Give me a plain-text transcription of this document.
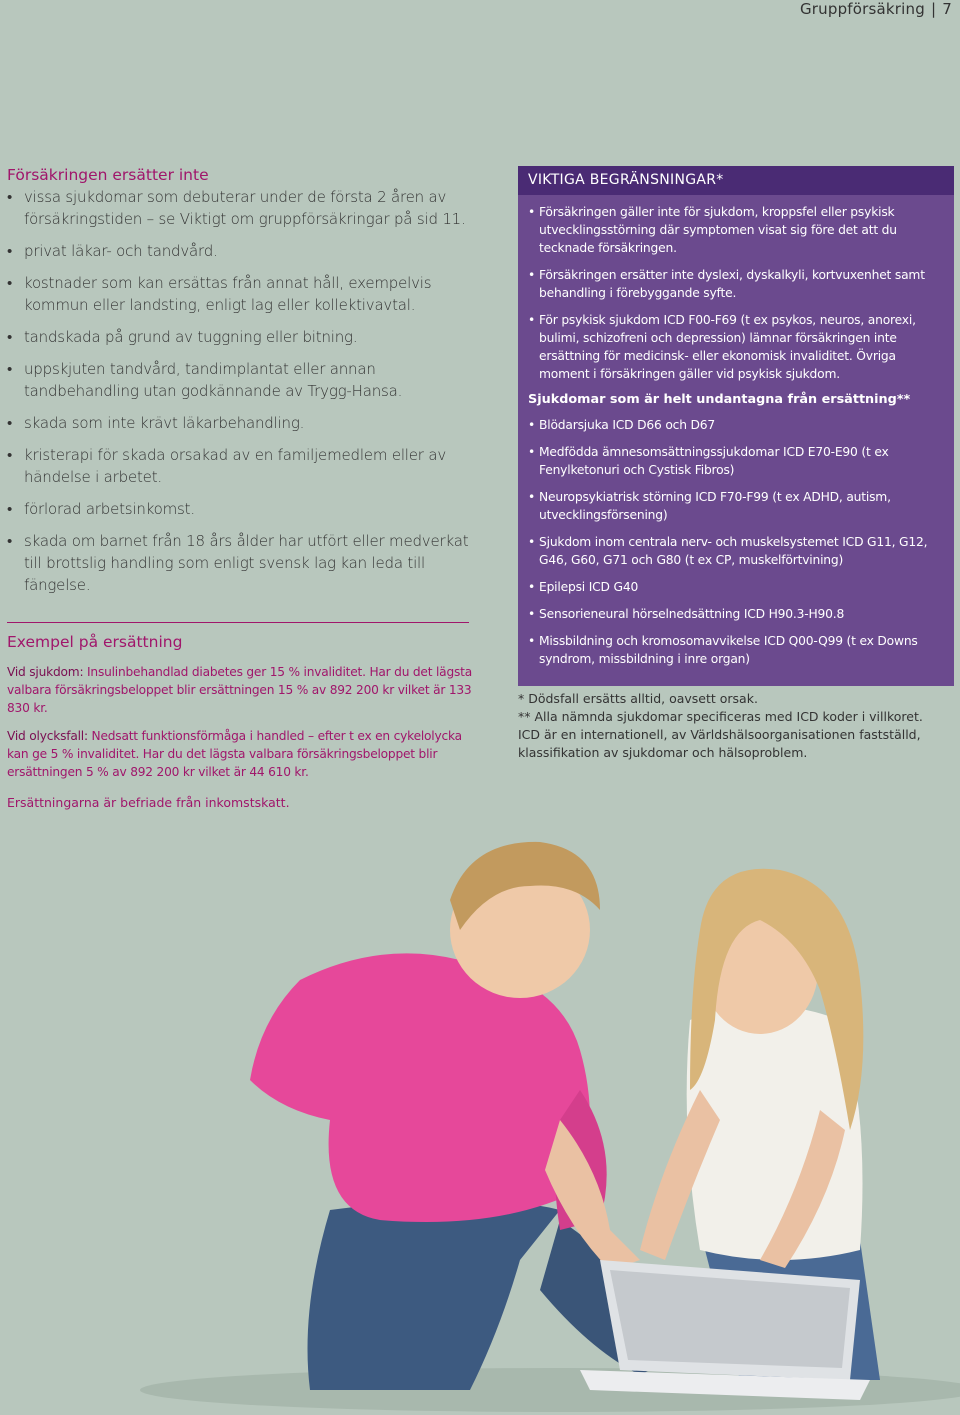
Gruppförsäkring | 7
Försäkringen ersätter inte
• vissa sjukdomar som debuterar under de första 2 åren av försäkringstiden – se Viktigt om gruppförsäkringar på sid 11.
• privat läkar- och tandvård.
• kostnader som kan ersättas från annat håll, exempelvis kommun eller landsting, enligt lag eller kollektivavtal.
• tandskada på grund av tuggning eller bitning.
• uppskjuten tandvård, tandimplantat eller annan tandbehandling utan godkännande av Trygg-Hansa.
• skada som inte krävt läkarbehandling.
• kristerapi för skada orsakad av en familjemedlem eller av händelse i arbetet.
• förlorad arbetsinkomst.
• skada om barnet från 18 års ålder har utfört eller medverkat till brottslig handling som enligt svensk lag kan leda till fängelse.
Exempel på ersättning

Vid sjukdom: Insulinbehandlad diabetes ger 15 % invaliditet. Har du det lägsta valbara försäkringsbeloppet blir ersättningen 15 % av 892 200 kr vilket är 133 830 kr.

Vid olycksfall: Nedsatt funktionsförmåga i handled – efter t ex en cykelolycka kan ge 5 % invaliditet. Har du det lägsta valbara försäkringsbeloppet blir ersättningen 5 % av 892 200 kr vilket är 44 610 kr.

Ersättningarna är befriade från inkomstskatt.

VIKTIGA BEGRÄNSNINGAR*
• Försäkringen gäller inte för sjukdom, kroppsfel eller psykisk utvecklingsstörning där symptomen visat sig före det att du tecknade försäkringen.
• Försäkringen ersätter inte dyslexi, dyskalkyli, kortvuxenhet samt behandling i förebyggande syfte.
• För psykisk sjukdom ICD F00-F69 (t ex psykos, neuros, anorexi, bulimi, schizofreni och depression) lämnar försäkringen inte ersättning för medicinsk- eller ekonomisk invaliditet. Övriga moment i försäkringen gäller vid psykisk sjukdom.
Sjukdomar som är helt undantagna från ersättning**
• Blödarsjuka ICD D66 och D67
• Medfödda ämnesomsättningssjukdomar ICD E70-E90 (t ex Fenylketonuri och Cystisk Fibros)
• Neuropsykiatrisk störning ICD F70-F99 (t ex ADHD, autism, utvecklingsförsening)
• Sjukdom inom centrala nerv- och muskelsystemet ICD G11, G12, G46, G60, G71 och G80 (t ex CP, muskelförtvining)
• Epilepsi ICD G40
• Sensorieneural hörselnedsättning ICD H90.3-H90.8
• Missbildning och kromosomavvikelse ICD Q00-Q99 (t ex Downs syndrom, missbildning i inre organ)

* Dödsfall ersätts alltid, oavsett orsak.

** Alla nämnda sjukdomar specificeras med ICD koder i villkoret. ICD är en internationell, av Världshälsoorganisationen fastställd, klassifikation av sjukdomar och hälsoproblem.
